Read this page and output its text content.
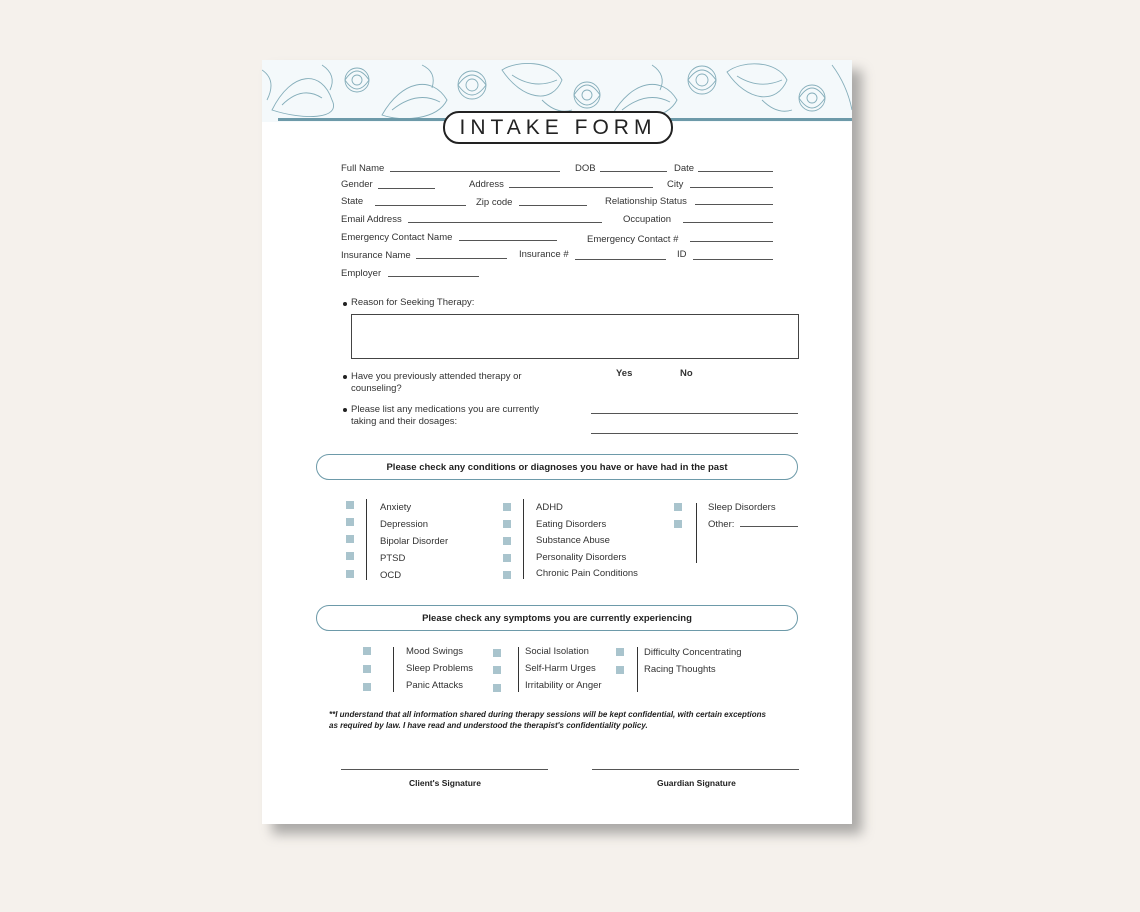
INTAKE FORM
Full Name	DOB	Date
Gender	Address	City
State	Zip code	Relationship Status
Email Address	Occupation
Emergency Contact Name	Emergency Contact #
Insurance Name	Insurance #	ID
Employer
Reason for Seeking Therapy:
Have you previously attended therapy or counseling?
Yes	No
Please list any medications you are currently taking and their dosages:
Please check any conditions or diagnoses you have or have had in the past
Anxiety
Depression
Bipolar Disorder
PTSD
OCD
ADHD
Eating Disorders
Substance Abuse
Personality Disorders
Chronic Pain Conditions
Sleep Disorders
Other:
Please check any symptoms you are currently experiencing
Mood Swings
Sleep Problems
Panic Attacks
Social Isolation
Self-Harm Urges
Irritability or Anger
Difficulty Concentrating
Racing Thoughts
**I understand that all information shared during therapy sessions will be kept confidential, with certain exceptions as required by law. I have read and understood the therapist's confidentiality policy.
Client's Signature	Guardian Signature
